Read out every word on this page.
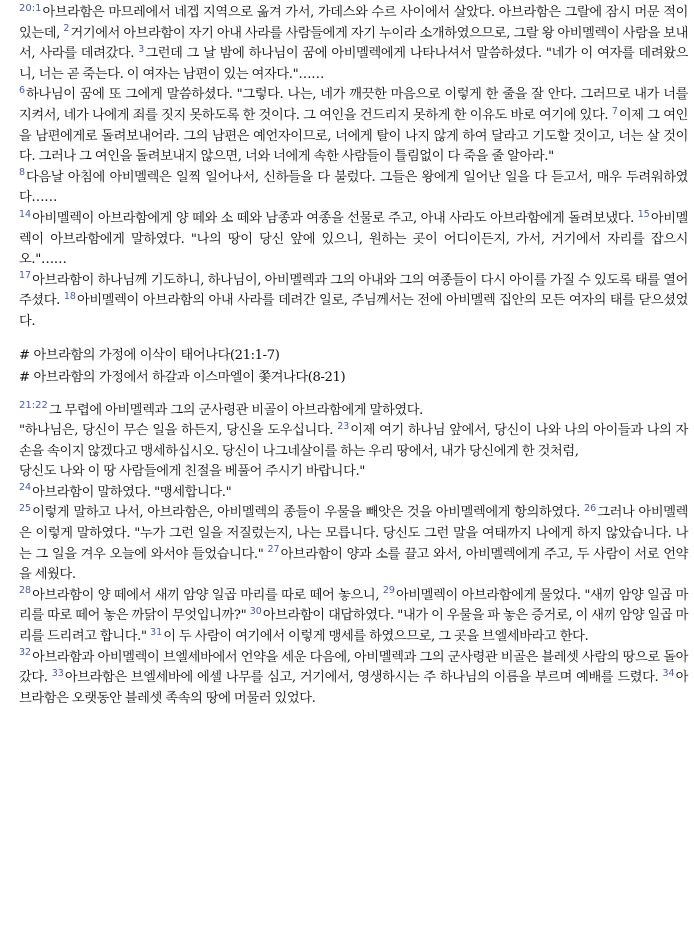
$^{20:1}$아브라함은 마므레에서 네겝 지역으로 옮겨 가서, 가데스와 수르 사이에서 살았다. 아브라함은 그랄에 잠시 머문 적이 있는데, $^2$거기에서 아브라함이 자기 아내 사라를 사람들에게 자기 누이라 소개하였으므로, 그랄 왕 아비멜렉이 사람을 보내서, 사라를 데려갔다. $^3$그런데 그 날 밤에 하나님이 꿈에 아비멜렉에게 나타나셔서 말씀하셨다. "네가 이 여자를 데려왔으니, 너는 곧 죽는다. 이 여자는 남편이 있는 여자다."……

$^6$하나님이 꿈에 또 그에게 말씀하셨다. "그렇다. 나는, 네가 깨끗한 마음으로 이렇게 한 줄을 잘 안다. 그러므로 내가 너를 지켜서, 네가 나에게 죄를 짓지 못하도록 한 것이다. 그 여인을 건드리지 못하게 한 이유도 바로 여기에 있다. $^7$이제 그 여인을 남편에게로 돌려보내어라. 그의 남편은 예언자이므로, 너에게 탈이 나지 않게 하여 달라고 기도할 것이고, 너는 살 것이다. 그러나 그 여인을 돌려보내지 않으면, 너와 너에게 속한 사람들이 틀림없이 다 죽을 줄 알아라."

$^8$다음날 아침에 아비멜렉은 일찍 일어나서, 신하들을 다 불렀다. 그들은 왕에게 일어난 일을 다 듣고서, 매우 두려워하였다……

$^{14}$아비멜렉이 아브라함에게 양 떼와 소 떼와 남종과 여종을 선물로 주고, 아내 사라도 아브라함에게 돌려보냈다. $^{15}$아비멜렉이 아브라함에게 말하였다. "나의 땅이 당신 앞에 있으니, 원하는 곳이 어디이든지, 가서, 거기에서 자리를 잡으시오."……

$^{17}$아브라함이 하나님께 기도하니, 하나님이, 아비멜렉과 그의 아내와 그의 여종들이 다시 아이를 가질 수 있도록 태를 열어 주셨다. $^{18}$아비멜렉이 아브라함의 아내 사라를 데려간 일로, 주님께서는 전에 아비멜렉 집안의 모든 여자의 태를 닫으셨었다.

# 아브라함의 가정에 이삭이 태어나다(21:1-7)

# 아브라함의 가정에서 하갈과 이스마엘이 쫓겨나다(8-21)

$^{21:22}$그 무렵에 아비멜렉과 그의 군사령관 비골이 아브라함에게 말하였다.

"하나님은, 당신이 무슨 일을 하든지, 당신을 도우십니다. $^{23}$이제 여기 하나님 앞에서, 당신이 나와 나의 아이들과 나의 자손을 속이지 않겠다고 맹세하십시오. 당신이 나그네살이를 하는 우리 땅에서, 내가 당신에게 한 것처럼,

당신도 나와 이 땅 사람들에게 친절을 베풀어 주시기 바랍니다."

$^{24}$아브라함이 말하였다. "맹세합니다."

$^{25}$이렇게 말하고 나서, 아브라함은, 아비멜렉의 종들이 우물을 빼앗은 것을 아비멜렉에게 항의하였다. $^{26}$그러나 아비멜렉은 이렇게 말하였다. "누가 그런 일을 저질렀는지, 나는 모릅니다. 당신도 그런 말을 여태까지 나에게 하지 않았습니다. 나는 그 일을 겨우 오늘에 와서야 들었습니다." $^{27}$아브라함이 양과 소를 끌고 와서, 아비멜렉에게 주고, 두 사람이 서로 언약을 세웠다.

$^{28}$아브라함이 양 떼에서 새끼 암양 일곱 마리를 따로 떼어 놓으니, $^{29}$아비멜렉이 아브라함에게 물었다. "새끼 암양 일곱 마리를 따로 떼어 놓은 까닭이 무엇입니까?" $^{30}$아브라함이 대답하였다. "내가 이 우물을 파 놓은 증거로, 이 새끼 암양 일곱 마리를 드리려고 합니다." $^{31}$이 두 사람이 여기에서 이렇게 맹세를 하였으므로, 그 곳을 브엘세바라고 한다.

$^{32}$아브라함과 아비멜렉이 브엘세바에서 언약을 세운 다음에, 아비멜렉과 그의 군사령관 비골은 블레셋 사람의 땅으로 돌아갔다. $^{33}$아브라함은 브엘세바에 에셀 나무를 심고, 거기에서, 영생하시는 주 하나님의 이름을 부르며 예배를 드렸다. $^{34}$아브라함은 오랫동안 블레셋 족속의 땅에 머물러 있었다.
